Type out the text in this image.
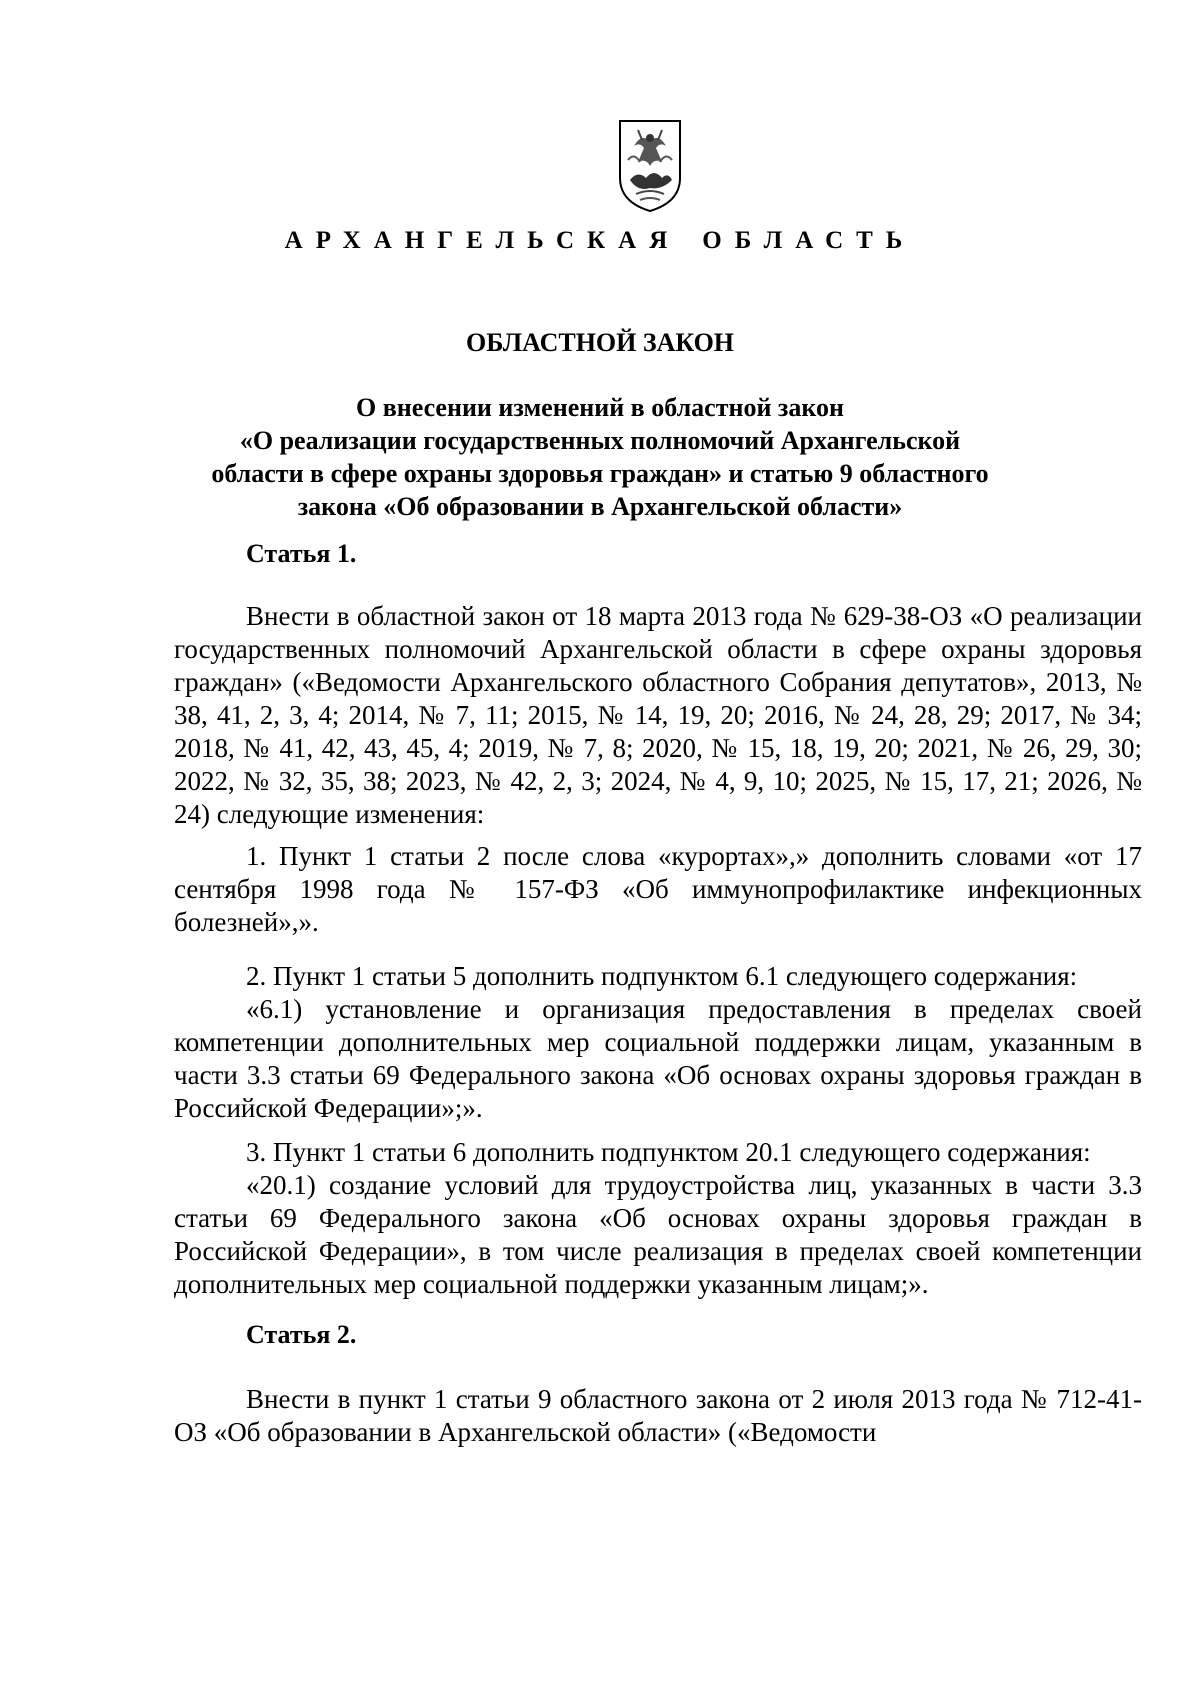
АРХАНГЕЛЬСКАЯ ОБЛАСТЬ
ОБЛАСТНОЙ ЗАКОН
О внесении изменений в областной закон
«О реализации государственных полномочий Архангельской
области в сфере охраны здоровья граждан» и статью 9 областного
закона «Об образовании в Архангельской области»
Статья 1.

Внести в областной закон от 18 марта 2013 года № 629-38-ОЗ «О реализации государственных полномочий Архангельской области в сфере охраны здоровья граждан» («Ведомости Архангельского областного Собрания депутатов», 2013, № 38, 41, 2, 3, 4; 2014, № 7, 11; 2015, № 14, 19, 20; 2016, № 24, 28, 29; 2017, № 34; 2018, № 41, 42, 43, 45, 4; 2019, № 7, 8; 2020, № 15, 18, 19, 20; 2021, № 26, 29, 30; 2022, № 32, 35, 38; 2023, № 42, 2, 3; 2024, № 4, 9, 10; 2025, № 15, 17, 21; 2026, № 24) следующие изменения:

1. Пункт 1 статьи 2 после слова «курортах»,» дополнить словами «от 17 сентября 1998 года № 157-ФЗ «Об иммунопрофилактике инфекционных болезней»,».

2. Пункт 1 статьи 5 дополнить подпунктом 6.1 следующего содержания:

«6.1) установление и организация предоставления в пределах своей компетенции дополнительных мер социальной поддержки лицам, указанным в части 3.3 статьи 69 Федерального закона «Об основах охраны здоровья граждан в Российской Федерации»;».

3. Пункт 1 статьи 6 дополнить подпунктом 20.1 следующего содержания:

«20.1) создание условий для трудоустройства лиц, указанных в части 3.3 статьи 69 Федерального закона «Об основах охраны здоровья граждан в Российской Федерации», в том числе реализация в пределах своей компетенции дополнительных мер социальной поддержки указанным лицам;».

Статья 2.

Внести в пункт 1 статьи 9 областного закона от 2 июля 2013 года № 712-41-ОЗ «Об образовании в Архангельской области» («Ведомости
